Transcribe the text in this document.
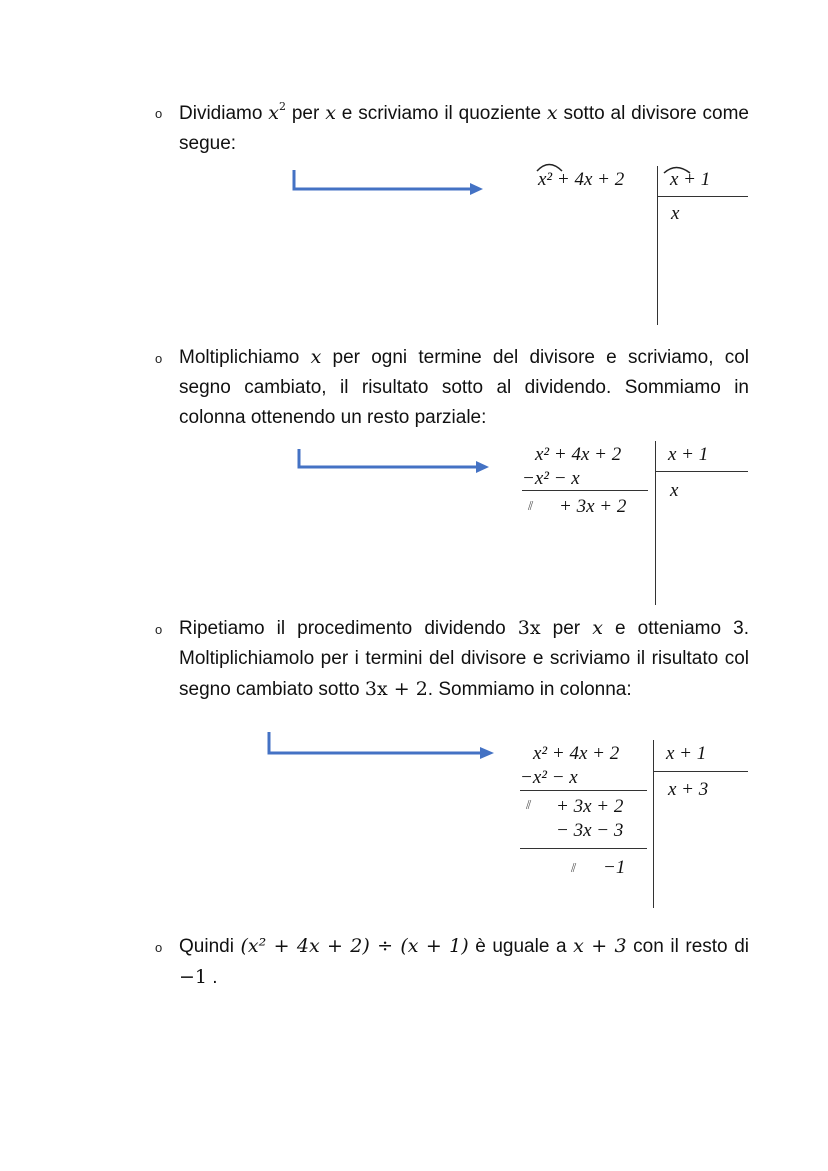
o Dividiamo $x^2$ per x e scriviamo il quoziente x sotto al divisore come segue:
x² + 4x + 2 x + 1
x
o Moltiplichiamo x per ogni termine del divisore e scriviamo, col segno cambiato, il risultato sotto al dividendo. Sommiamo in colonna ottenendo un resto parziale:
x² + 4x + 2
−x² − x
⫽ + 3x + 2
x + 1
x
o Ripetiamo il procedimento dividendo 3x per x e otteniamo 3. Moltiplichiamolo per i termini del divisore e scriviamo il risultato col segno cambiato sotto 3x + 2. Sommiamo in colonna:
x² + 4x + 2
−x² − x
⫽ + 3x + 2
− 3x − 3
⫽ −1
x + 1
x + 3
o Quindi (x² + 4x + 2) ÷ (x + 1) è uguale a x + 3 con il resto di −1 .
